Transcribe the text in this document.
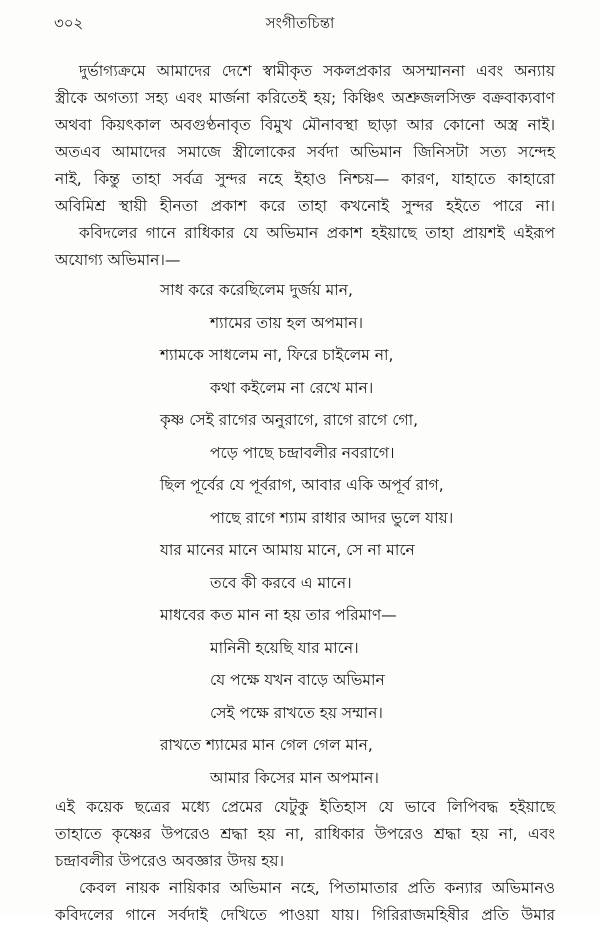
৩০২	সংগীতচিন্তা

দুর্ভাগ্যক্রমে আমাদের দেশে স্বামীকৃত সকলপ্রকার অসম্মাননা এবং অন্যায়
স্ত্রীকে অগত্যা সহ্য এবং মার্জনা করিতেই হয়; কিঞ্চিৎ অশ্রুজলসিক্ত বক্রবাক্যবাণ
অথবা কিয়ৎকাল অবগুণ্ঠনাবৃত বিমুখ মৌনাবস্থা ছাড়া আর কোনো অস্ত্র নাই।
অতএব আমাদের সমাজে স্ত্রীলোকের সর্বদা অভিমান জিনিসটা সত্য সন্দেহ
নাই, কিন্তু তাহা সর্বত্র সুন্দর নহে ইহাও নিশ্চয়— কারণ, যাহাতে কাহারো
অবিমিশ্র স্থায়ী হীনতা প্রকাশ করে তাহা কখনোই সুন্দর হইতে পারে না।

কবিদলের গানে রাধিকার যে অভিমান প্রকাশ হইয়াছে তাহা প্রায়শই এইরূপ
অযোগ্য অভিমান।—

সাধ করে করেছিলেম দুর্জয় মান,
শ্যামের তায় হল অপমান।
শ্যামকে সাধলেম না, ফিরে চাইলেম না,
কথা কইলেম না রেখে মান।
কৃষ্ণ সেই রাগের অনুরাগে, রাগে রাগে গো,
পড়ে পাছে চন্দ্রাবলীর নবরাগে।
ছিল পূর্বের যে পূর্বরাগ, আবার একি অপূর্ব রাগ,
পাছে রাগে শ্যাম রাধার আদর ভুলে যায়।
যার মানের মানে আমায় মানে, সে না মানে
তবে কী করবে এ মানে।
মাধবের কত মান না হয় তার পরিমাণ—
মানিনী হয়েছি যার মানে।
যে পক্ষে যখন বাড়ে অভিমান
সেই পক্ষে রাখতে হয় সম্মান।
রাখতে শ্যামের মান গেল গেল মান,
আমার কিসের মান অপমান।

এই কয়েক ছত্রের মধ্যে প্রেমের যেটুকু ইতিহাস যে ভাবে লিপিবদ্ধ হইয়াছে
তাহাতে কৃষ্ণের উপরেও শ্রদ্ধা হয় না, রাধিকার উপরেও শ্রদ্ধা হয় না, এবং
চন্দ্রাবলীর উপরেও অবজ্ঞার উদয় হয়।

কেবল নায়ক নায়িকার অভিমান নহে, পিতামাতার প্রতি কন্যার অভিমানও
কবিদলের গানে সর্বদাই দেখিতে পাওয়া যায়। গিরিরাজমহিষীর প্রতি উমার
